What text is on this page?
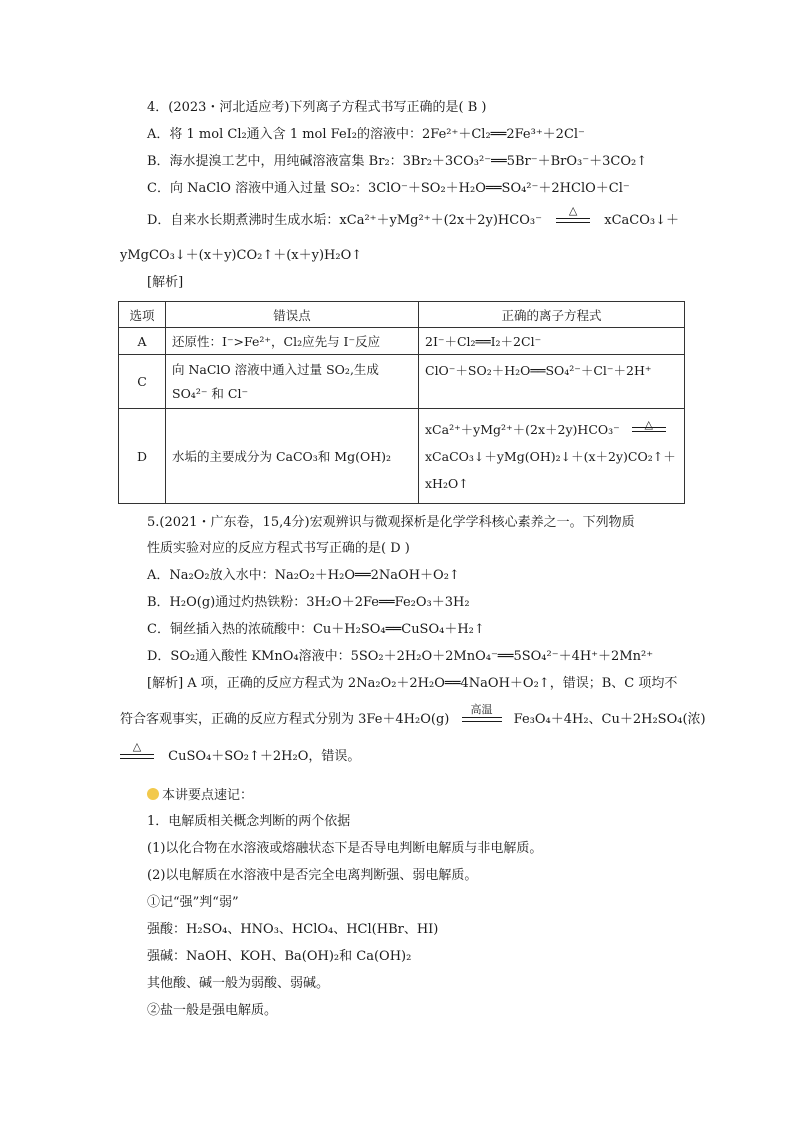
4．(2023・河北适应考)下列离子方程式书写正确的是( B )
A．将 1 mol Cl₂通入含 1 mol FeI₂的溶液中：2Fe²⁺＋Cl₂══2Fe³⁺＋2Cl⁻
B．海水提溴工艺中，用纯碱溶液富集 Br₂：3Br₂＋3CO₃²⁻══5Br⁻＋BrO₃⁻＋3CO₂↑
C．向 NaClO 溶液中通入过量 SO₂：3ClO⁻＋SO₂＋H₂O══SO₄²⁻＋2HClO＋Cl⁻
D．自来水长期煮沸时生成水垢：xCa²⁺＋yMg²⁺＋(2x＋2y)HCO₃⁻
△
xCaCO₃↓＋
yMgCO₃↓＋(x＋y)CO₂↑＋(x＋y)H₂O↑
[解析]
选项	错误点	正确的离子方程式
A	还原性：I⁻>Fe²⁺，Cl₂应先与 I⁻反应	2I⁻＋Cl₂══I₂＋2Cl⁻
C	向 NaClO 溶液中通入过量 SO₂,生成 SO₄²⁻ 和 Cl⁻	ClO⁻＋SO₂＋H₂O══SO₄²⁻＋Cl⁻＋2H⁺
D	水垢的主要成分为 CaCO₃和 Mg(OH)₂	xCa²⁺＋yMg²⁺＋(2x＋2y)HCO₃⁻ △
xCaCO₃↓＋yMg(OH)₂↓＋(x＋2y)CO₂↑＋
xH₂O↑
5.(2021・广东卷，15,4分)宏观辨识与微观探析是化学学科核心素养之一。下列物质
性质实验对应的反应方程式书写正确的是( D )
A．Na₂O₂放入水中：Na₂O₂＋H₂O══2NaOH＋O₂↑
B．H₂O(g)通过灼热铁粉：3H₂O＋2Fe══Fe₂O₃＋3H₂
C．铜丝插入热的浓硫酸中：Cu＋H₂SO₄══CuSO₄＋H₂↑
D．SO₂通入酸性 KMnO₄溶液中：5SO₂＋2H₂O＋2MnO₄⁻══5SO₄²⁻＋4H⁺＋2Mn²⁺
[解析] A 项，正确的反应方程式为 2Na₂O₂＋2H₂O══4NaOH＋O₂↑，错误；B、C 项均不
符合客观事实，正确的反应方程式分别为 3Fe＋4H₂O(g)
高温
Fe₃O₄＋4H₂、Cu＋2H₂SO₄(浓)
△
CuSO₄＋SO₂↑＋2H₂O，错误。
本讲要点速记：
1．电解质相关概念判断的两个依据
(1)以化合物在水溶液或熔融状态下是否导电判断电解质与非电解质。
(2)以电解质在水溶液中是否完全电离判断强、弱电解质。
①记“强”判“弱”
强酸：H₂SO₄、HNO₃、HClO₄、HCl(HBr、HI)
强碱：NaOH、KOH、Ba(OH)₂和 Ca(OH)₂
其他酸、碱一般为弱酸、弱碱。
②盐一般是强电解质。
